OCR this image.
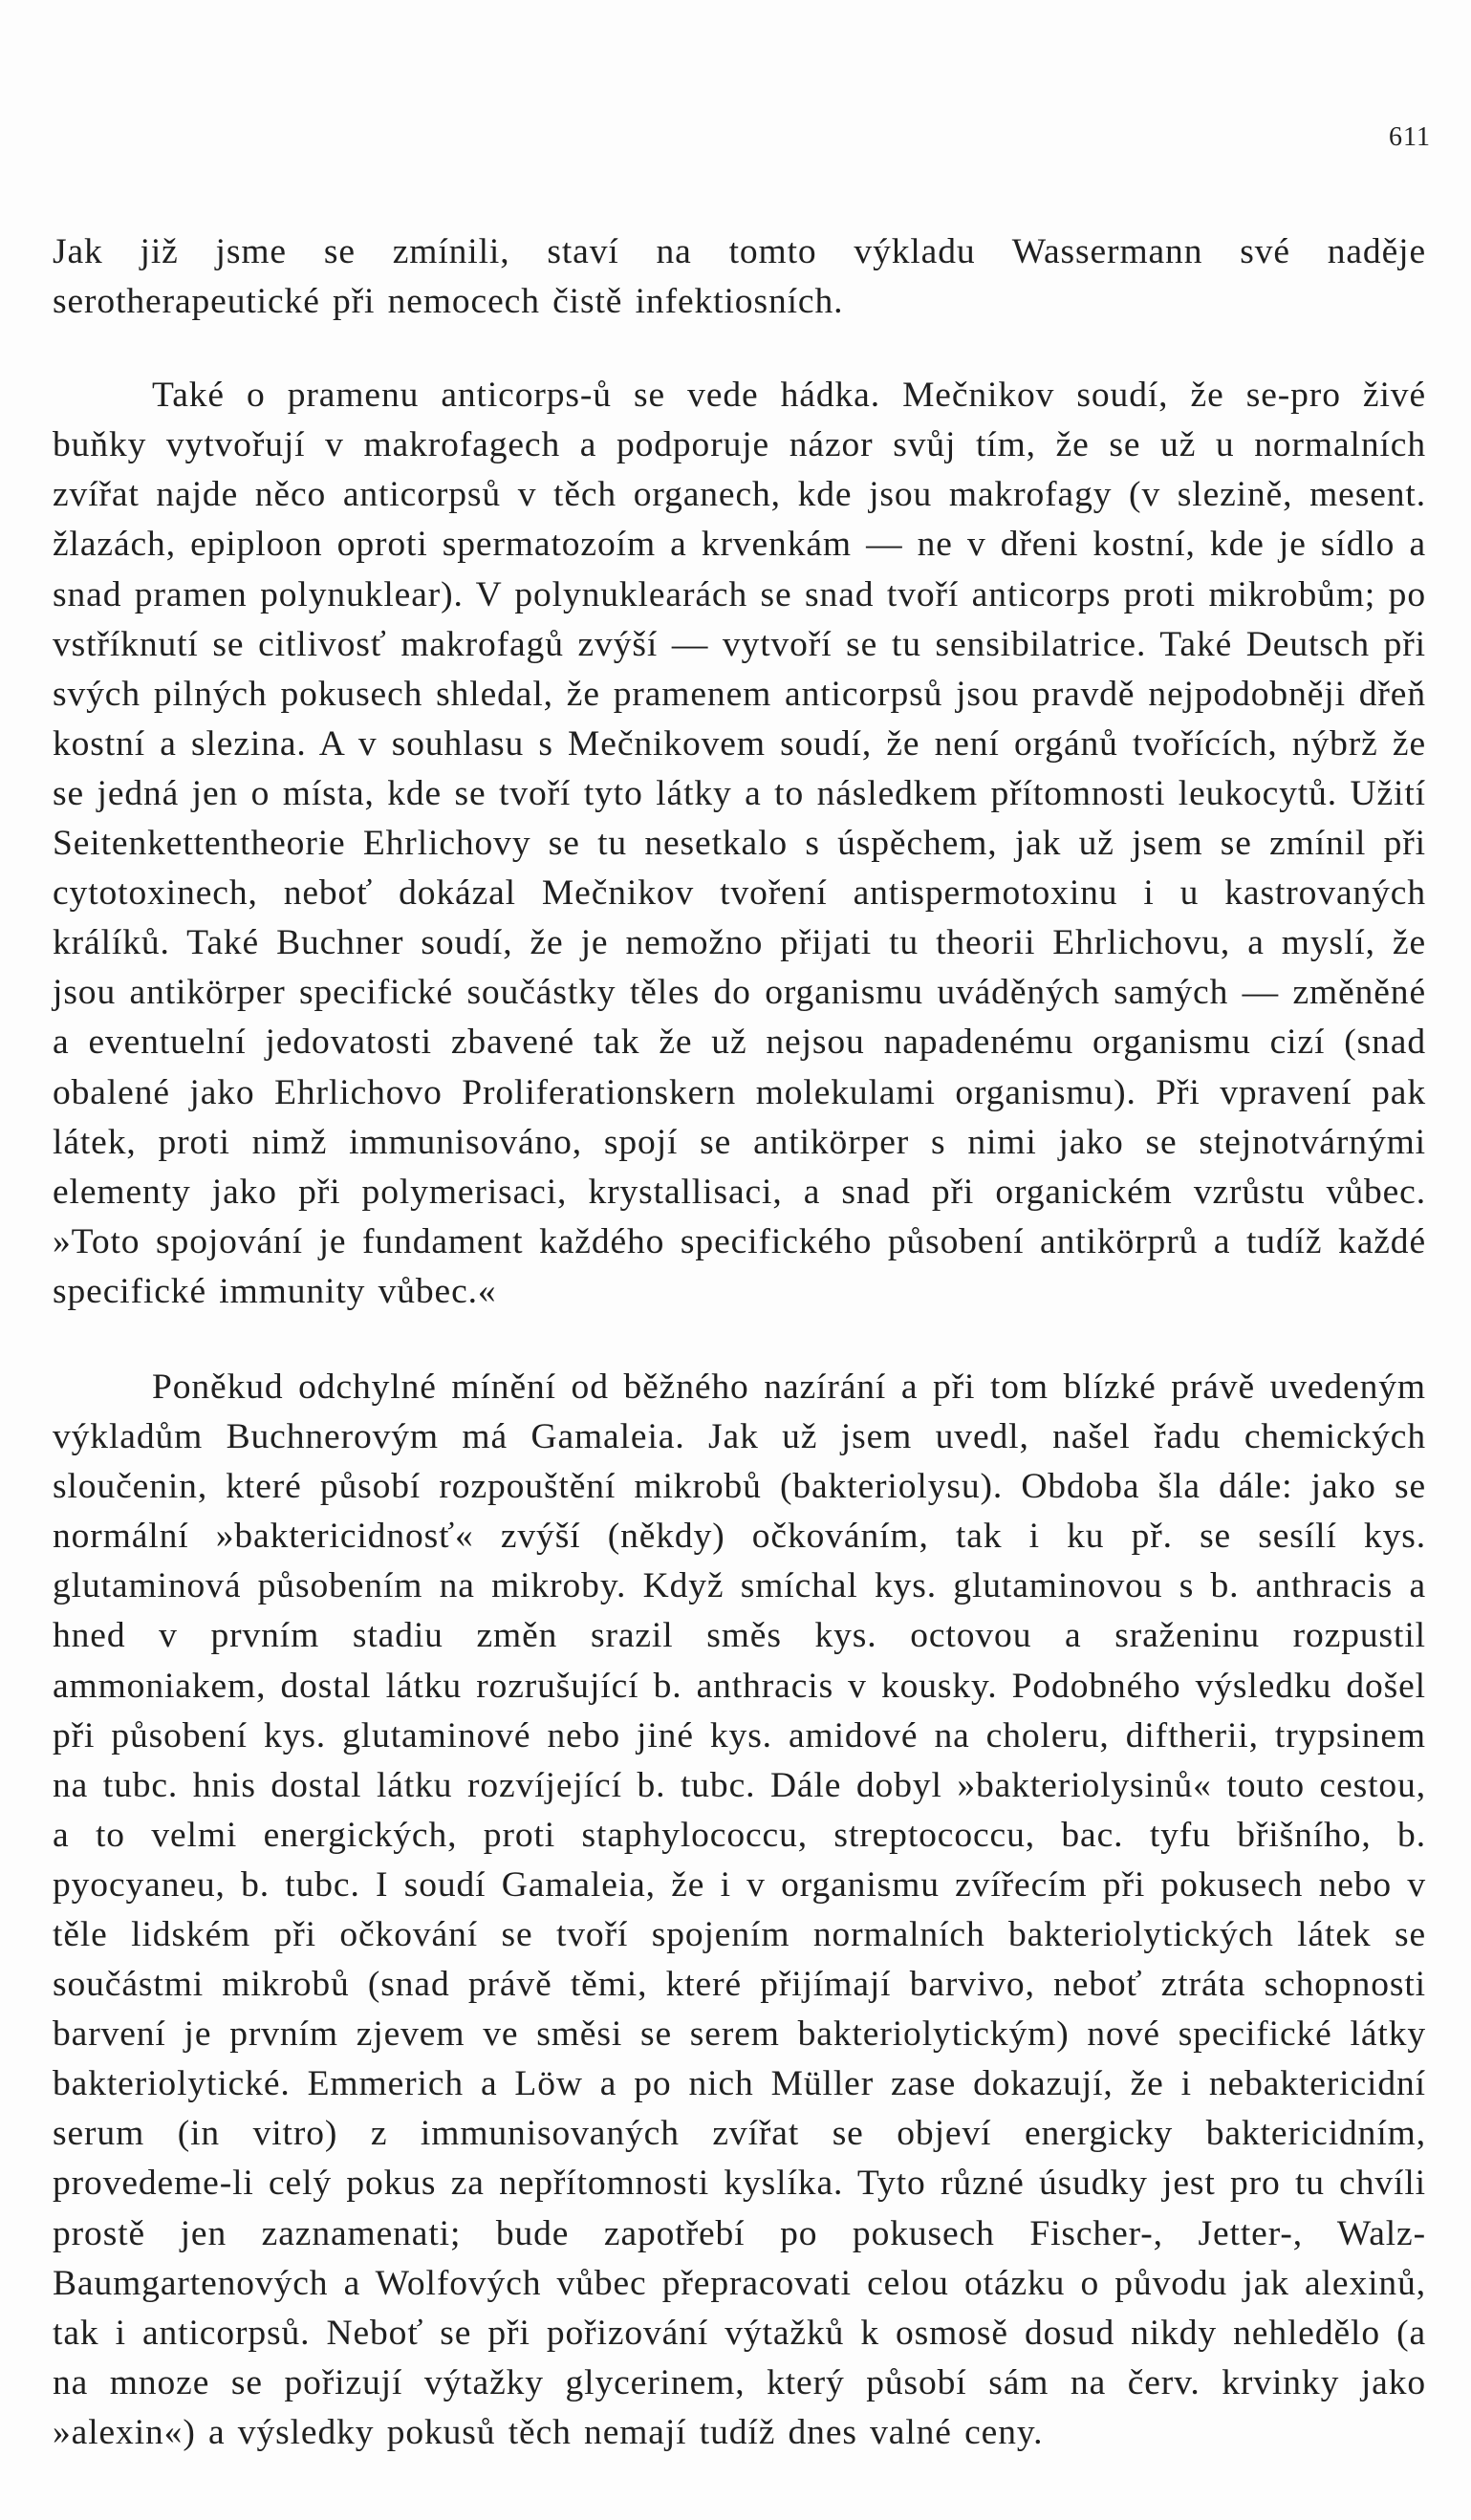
611

Jak již jsme se zmínili, staví na tomto výkladu Wassermann své naděje serotherapeutické při nemocech čistě infektiosních.

Také o pramenu anticorps-ů se vede hádka. Mečnikov soudí, že se-pro živé buňky vytvořují v makrofagech a podporuje názor svůj tím, že se už u normalních zvířat najde něco anticorpsů v těch organech, kde jsou makrofagy (v slezině, mesent. žlazách, epiploon oproti spermatozoím a krvenkám — ne v dřeni kostní, kde je sídlo a snad pramen polynuklear). V polynuklearách se snad tvoří anticorps proti mikrobům; po vstříknutí se citlivosť makrofagů zvýší — vytvoří se tu sensibilatrice. Také Deutsch při svých pilných pokusech shledal, že pramenem anticorpsů jsou pravdě nejpodobněji dřeň kostní a slezina. A v souhlasu s Mečnikovem soudí, že není orgánů tvořících, nýbrž že se jedná jen o místa, kde se tvoří tyto látky a to následkem přítomnosti leukocytů. Užití Seitenkettentheorie Ehrlichovy se tu nesetkalo s úspěchem, jak už jsem se zmínil při cytotoxinech, neboť dokázal Mečnikov tvoření antispermotoxinu i u kastrovaných králíků. Také Buchner soudí, že je nemožno přijati tu theorii Ehrlichovu, a myslí, že jsou antikörper specifické součástky těles do organismu uváděných samých — změněné a eventuelní jedovatosti zbavené tak že už nejsou napadenému organismu cizí (snad obalené jako Ehrlichovo Proliferationskern molekulami organismu). Při vpravení pak látek, proti nimž immunisováno, spojí se antikörper s nimi jako se stejnotvárnými elementy jako při polymerisaci, krystallisaci, a snad při organickém vzrůstu vůbec. »Toto spojování je fundament každého specifického působení antikörprů a tudíž každé specifické immunity vůbec.«

Poněkud odchylné mínění od běžného nazírání a při tom blízké právě uvedeným výkladům Buchnerovým má Gamaleia. Jak už jsem uvedl, našel řadu chemických sloučenin, které působí rozpouštění mikrobů (bakteriolysu). Obdoba šla dále: jako se normální »baktericidnosť« zvýší (někdy) očkováním, tak i ku př. se sesílí kys. glutaminová působením na mikroby. Když smíchal kys. glutaminovou s b. anthracis a hned v prvním stadiu změn srazil směs kys. octovou a sraženinu rozpustil ammoniakem, dostal látku rozrušující b. anthracis v kousky. Podobného výsledku došel při působení kys. glutaminové nebo jiné kys. amidové na choleru, diftherii, trypsinem na tubc. hnis dostal látku rozvíjející b. tubc. Dále dobyl »bakteriolysinů« touto cestou, a to velmi energických, proti staphylococcu, streptococcu, bac. tyfu břišního, b. pyocyaneu, b. tubc. I soudí Gamaleia, že i v organismu zvířecím při pokusech nebo v těle lidském při očkování se tvoří spojením normalních bakteriolytických látek se součástmi mikrobů (snad právě těmi, které přijímají barvivo, neboť ztráta schopnosti barvení je prvním zjevem ve směsi se serem bakteriolytickým) nové specifické látky bakteriolytické. Emmerich a Löw a po nich Müller zase dokazují, že i nebaktericidní serum (in vitro) z immunisovaných zvířat se objeví energicky baktericidním, provedeme-li celý pokus za nepřítomnosti kyslíka. Tyto různé úsudky jest pro tu chvíli prostě jen zaznamenati; bude zapotřebí po pokusech Fischer-, Jetter-, Walz- Baumgartenových a Wolfových vůbec přepracovati celou otázku o původu jak alexinů, tak i anticorpsů. Neboť se při pořizování výtažků k osmosě dosud nikdy nehledělo (a na mnoze se pořizují výtažky glycerinem, který působí sám na červ. krvinky jako »alexin«) a výsledky pokusů těch nemají tudíž dnes valné ceny.
